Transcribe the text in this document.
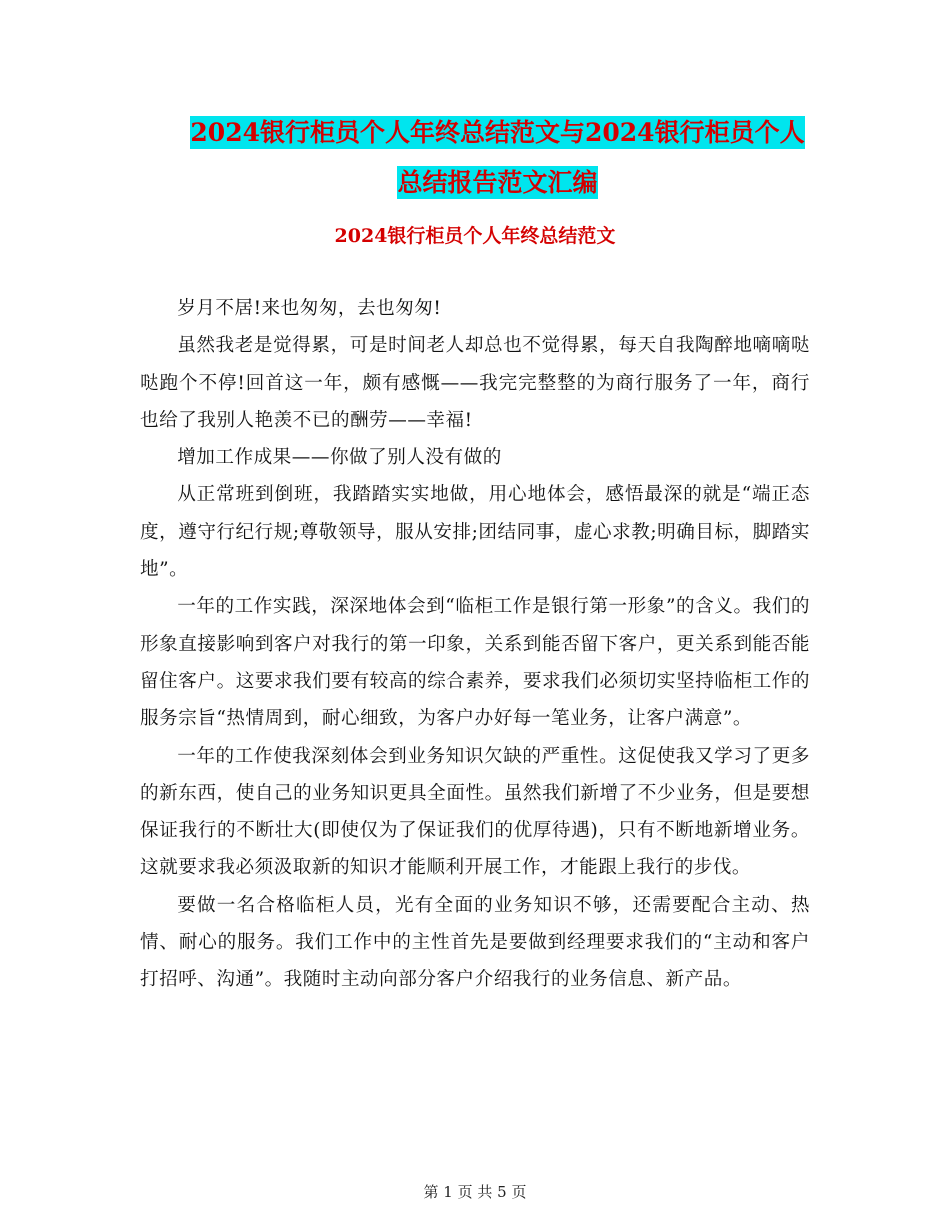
2024银行柜员个人年终总结范文与2024银行柜员个人
总结报告范文汇编
2024银行柜员个人年终总结范文

岁月不居!来也匆匆，去也匆匆!

虽然我老是觉得累，可是时间老人却总也不觉得累，每天自我陶醉地嘀嘀哒哒跑个不停!回首这一年，颇有感慨——我完完整整的为商行服务了一年，商行也给了我别人艳羡不已的酬劳——幸福!

增加工作成果——你做了别人没有做的

从正常班到倒班，我踏踏实实地做，用心地体会，感悟最深的就是“端正态度，遵守行纪行规;尊敬领导，服从安排;团结同事，虚心求教;明确目标，脚踏实地”。

一年的工作实践，深深地体会到“临柜工作是银行第一形象”的含义。我们的形象直接影响到客户对我行的第一印象，关系到能否留下客户，更关系到能否能留住客户。这要求我们要有较高的综合素养，要求我们必须切实坚持临柜工作的服务宗旨“热情周到，耐心细致，为客户办好每一笔业务，让客户满意”。

一年的工作使我深刻体会到业务知识欠缺的严重性。这促使我又学习了更多的新东西，使自己的业务知识更具全面性。虽然我们新增了不少业务，但是要想保证我行的不断壮大(即使仅为了保证我们的优厚待遇)，只有不断地新增业务。这就要求我必须汲取新的知识才能顺利开展工作，才能跟上我行的步伐。

要做一名合格临柜人员，光有全面的业务知识不够，还需要配合主动、热情、耐心的服务。我们工作中的主性首先是要做到经理要求我们的“主动和客户打招呼、沟通”。我随时主动向部分客户介绍我行的业务信息、新产品。

第 1 页 共 5 页
